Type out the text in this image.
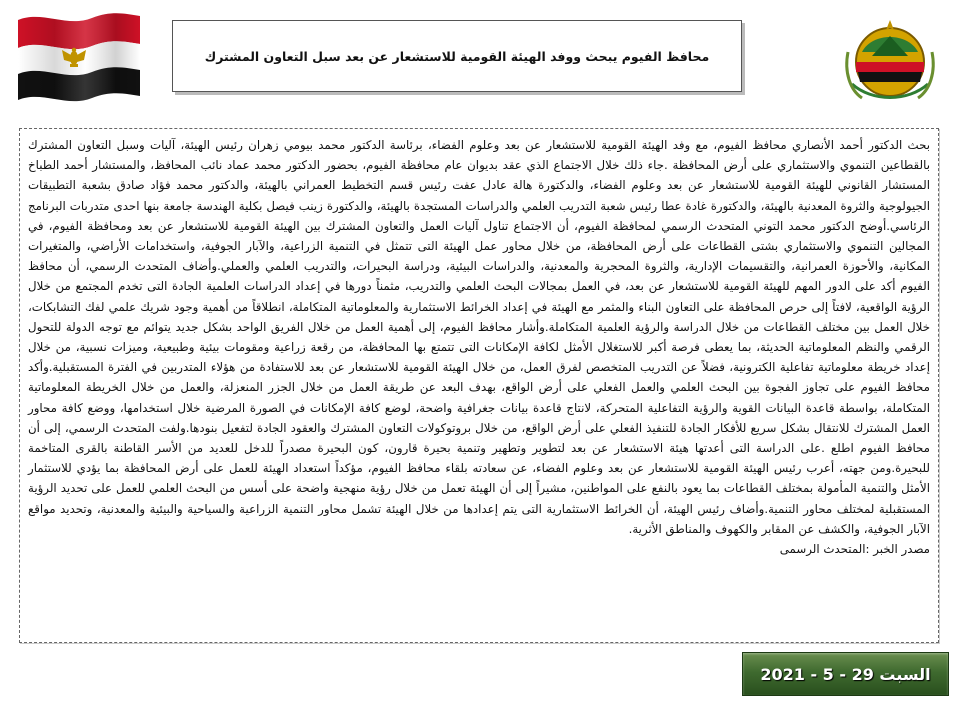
محافظ الفيوم يبحث ووفد الهيئة القومية للاستشعار عن بعد سبل التعاون المشترك

بحث الدكتور أحمد الأنصاري محافظ الفيوم، مع وفد الهيئة القومية للاستشعار عن بعد وعلوم الفضاء، برئاسة الدكتور محمد بيومي زهران رئيس الهيئة، آليات وسبل التعاون المشترك بالقطاعين التنموي والاستثماري على أرض المحافظة .جاء ذلك خلال الاجتماع الذي عقد بديوان عام محافظة الفيوم، بحضور الدكتور محمد عماد نائب المحافظ، والمستشار أحمد الطباخ المستشار القانوني للهيئة القومية للاستشعار عن بعد وعلوم الفضاء، والدكتورة هالة عادل عفت رئيس قسم التخطيط العمراني بالهيئة، والدكتور محمد فؤاد صادق بشعبة التطبيقات الجيولوجية والثروة المعدنية بالهيئة، والدكتورة غادة عطا رئيس شعبة التدريب العلمي والدراسات المستجدة بالهيئة، والدكتورة زينب فيصل بكلية الهندسة جامعة بنها احدى متدربات البرنامج الرئاسي.أوضح الدكتور محمد التوني المتحدث الرسمي لمحافظة الفيوم، أن الاجتماع تناول آليات العمل والتعاون المشترك بين الهيئة القومية للاستشعار عن بعد ومحافظة الفيوم، في المجالين التنموي والاستثماري بشتى القطاعات على أرض المحافظة، من خلال محاور عمل الهيئة التى تتمثل في التنمية الزراعية، والآبار الجوفية، واستخدامات الأراضي، والمتغيرات المكانية، والأحوزة العمرانية، والتقسيمات الإدارية، والثروة المحجرية والمعدنية، والدراسات البيئية، ودراسة البحيرات، والتدريب العلمي والعملي.وأضاف المتحدث الرسمي، أن محافظ الفيوم أكد على الدور المهم للهيئة القومية للاستشعار عن بعد، في العمل بمجالات البحث العلمي والتدريب، مثمناً دورها في إعداد الدراسات العلمية الجادة التى تخدم المجتمع من خلال الرؤية الواقعية، لافتاً إلى حرص المحافظة على التعاون البناء والمثمر مع الهيئة في إعداد الخرائط الاستثمارية والمعلوماتية المتكاملة، انطلاقاً من أهمية وجود شريك علمي لفك التشابكات، خلال العمل بين مختلف القطاعات من خلال الدراسة والرؤية العلمية المتكاملة.وأشار محافظ الفيوم، إلى أهمية العمل من خلال الفريق الواحد بشكل جديد يتوائم مع توجه الدولة للتحول الرقمي والنظم المعلوماتية الحديثة، بما يعطى فرصة أكبر للاستغلال الأمثل لكافة الإمكانات التى تتمتع بها المحافظة، من رقعة زراعية ومقومات بيئية وطبيعية، وميزات نسبية، من خلال إعداد خريطة معلوماتية تفاعلية الكترونية، فضلاً عن التدريب المتخصص لفرق العمل، من خلال الهيئة القومية للاستشعار عن بعد للاستفادة من هؤلاء المتدربين في الفترة المستقبلية.وأكد محافظ الفيوم على تجاوز الفجوة بين البحث العلمي والعمل الفعلي على أرض الواقع، بهدف البعد عن طريقة العمل من خلال الجزر المنعزلة، والعمل من خلال الخريطة المعلوماتية المتكاملة، بواسطة قاعدة البيانات القوية والرؤية التفاعلية المتحركة، لانتاج قاعدة بيانات جغرافية واضحة، لوضع كافة الإمكانات في الصورة المرضية خلال استخدامها، ووضع كافة محاور العمل المشترك للانتقال بشكل سريع للأفكار الجادة للتنفيذ الفعلي على أرض الواقع، من خلال بروتوكولات التعاون المشترك والعقود الجادة لتفعيل بنودها.ولفت المتحدث الرسمي، إلى أن محافظ الفيوم اطلع .على الدراسة التى أعدتها هيئة الاستشعار عن بعد لتطوير وتطهير وتنمية بحيرة قارون، كون البحيرة مصدراً للدخل للعديد من الأسر القاطنة بالقرى المتاخمة للبحيرة.ومن جهته، أعرب رئيس الهيئة القومية للاستشعار عن بعد وعلوم الفضاء، عن سعادته بلقاء محافظ الفيوم، مؤكداً استعداد الهيئة للعمل على أرض المحافظة بما يؤدي للاستثمار الأمثل والتنمية المأمولة بمختلف القطاعات بما يعود بالنفع على المواطنين، مشيراً إلى أن الهيئة تعمل من خلال رؤية منهجية واضحة على أسس من البحث العلمي للعمل على تحديد الرؤية المستقبلية لمختلف محاور التنمية.وأضاف رئيس الهيئة، أن الخرائط الاستثمارية التى يتم إعدادها من خلال الهيئة تشمل محاور التنمية الزراعية والسياحية والبيئية والمعدنية، وتحديد مواقع الآبار الجوفية، والكشف عن المقابر والكهوف والمناطق الأثرية.

مصدر الخبر :المتحدث الرسمى

السبت 29 - 5 - 2021
